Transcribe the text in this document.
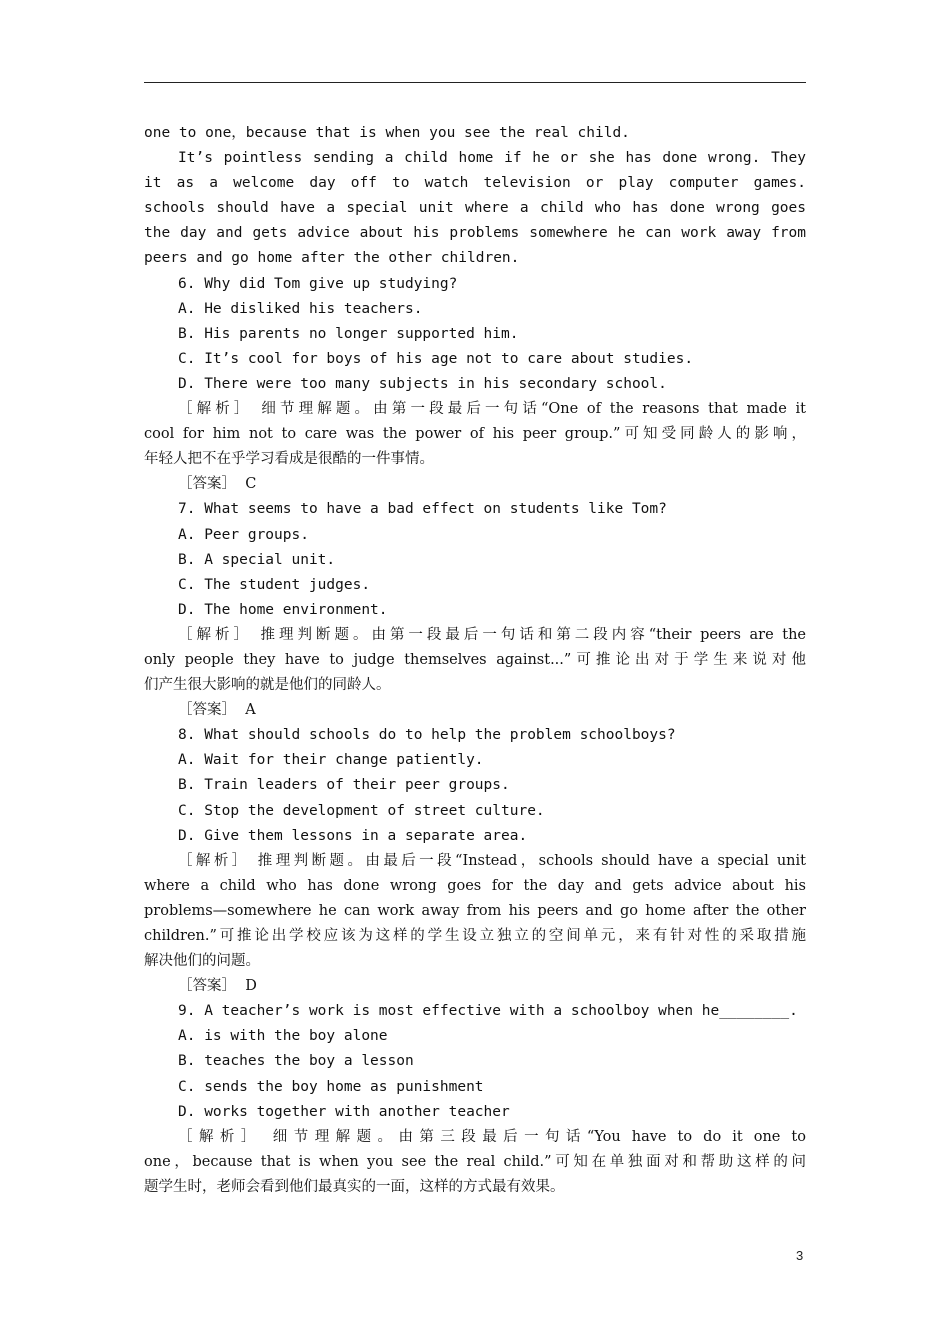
one to one，because that is when you see the real child.
It’s pointless sending a child home if he or she has done wrong. They
it as a welcome day off to watch television or play computer games.
schools should have a special unit where a child who has done wrong goes
the day and gets advice about his problems somewhere he can work away from
peers and go home after the other children.
6. Why did Tom give up studying?
A. He disliked his teachers.
B. His parents no longer supported him.
C. It’s cool for boys of his age not to care about studies.
D. There were too many subjects in his secondary school.
［解析］ 细节理解题。由第一段最后一句话“One of the reasons that made it
cool for him not to care was the power of his peer group.”可知受同龄人的影响，
年轻人把不在乎学习看成是很酷的一件事情。
［答案］  C
7. What seems to have a bad effect on students like Tom?
A. Peer groups.
B. A special unit.
C. The student judges.
D. The home environment.
［解析］ 推理判断题。由第一段最后一句话和第二段内容“their peers are the
only people they have to judge themselves against...”可推论出对于学生来说对他
们产生很大影响的就是他们的同龄人。
［答案］  A
8. What should schools do to help the problem schoolboys?
A. Wait for their change patiently.
B. Train leaders of their peer groups.
C. Stop the development of street culture.
D. Give them lessons in a separate area.
［解析］ 推理判断题。由最后一段“Instead，schools should have a special unit
where a child who has done wrong goes for the day and gets advice about his
problems—somewhere he can work away from his peers and go home after the other
children.”可推论出学校应该为这样的学生设立独立的空间单元，来有针对性的采取措施
解决他们的问题。
［答案］  D
9. A teacher’s work is most effective with a schoolboy when he________.
A. is with the boy alone
B. teaches the boy a lesson
C. sends the boy home as punishment
D. works together with another teacher
［解析］ 细节理解题。由第三段最后一句话“You have to do it one to
one，because that is when you see the real child.”可知在单独面对和帮助这样的问
题学生时，老师会看到他们最真实的一面，这样的方式最有效果。
3
